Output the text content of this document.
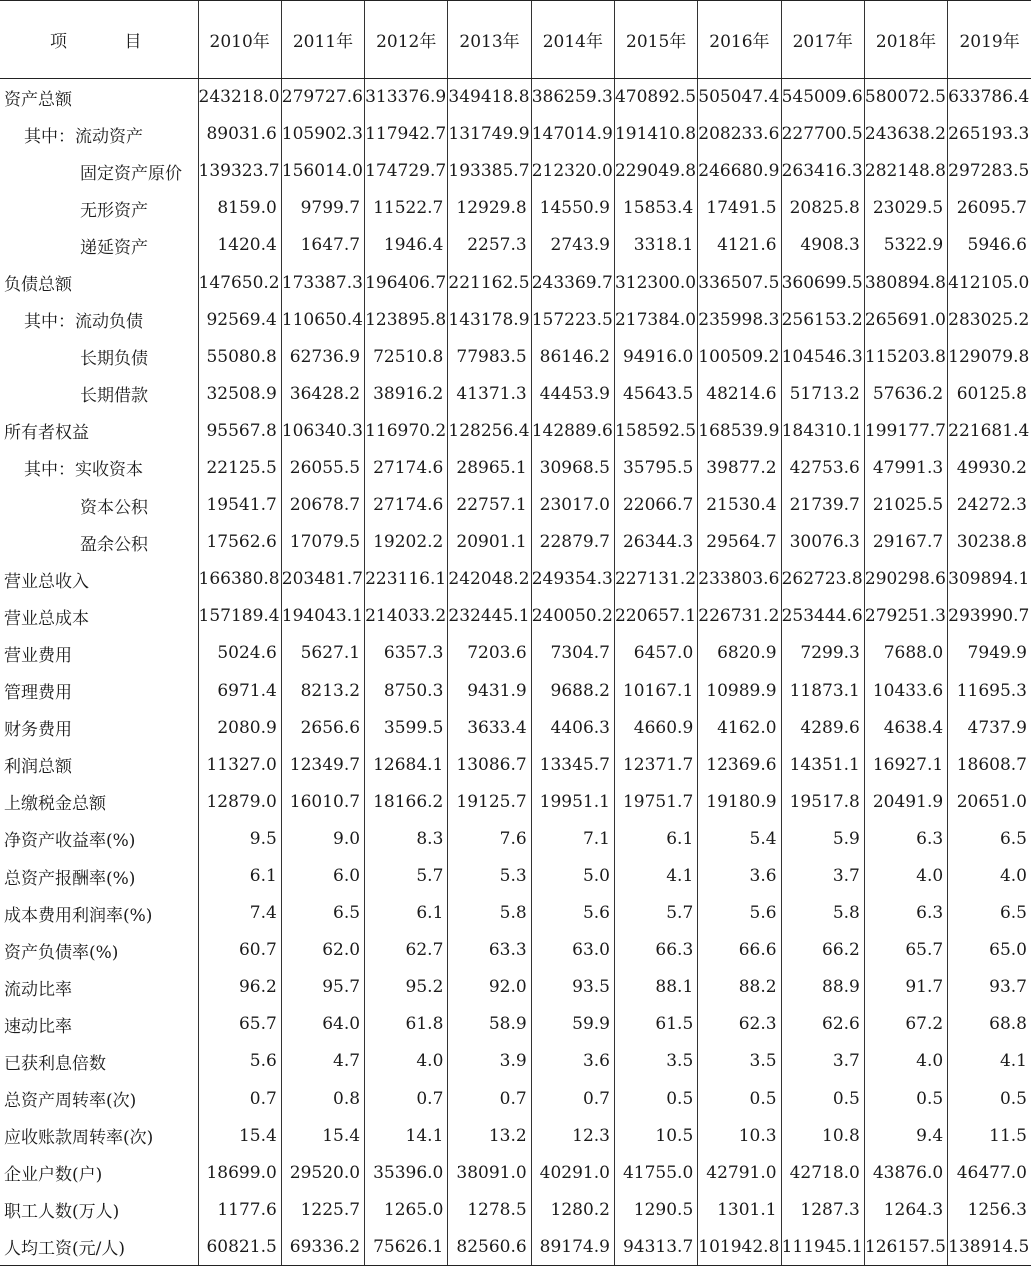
项 目	2010年	2011年	2012年	2013年	2014年	2015年	2016年	2017年	2018年	2019年
资产总额	243218.0	279727.6	313376.9	349418.8	386259.3	470892.5	505047.4	545009.6	580072.5	633786.4
其中：流动资产	89031.6	105902.3	117942.7	131749.9	147014.9	191410.8	208233.6	227700.5	243638.2	265193.3
固定资产原价	139323.7	156014.0	174729.7	193385.7	212320.0	229049.8	246680.9	263416.3	282148.8	297283.5
无形资产	8159.0	9799.7	11522.7	12929.8	14550.9	15853.4	17491.5	20825.8	23029.5	26095.7
递延资产	1420.4	1647.7	1946.4	2257.3	2743.9	3318.1	4121.6	4908.3	5322.9	5946.6
负债总额	147650.2	173387.3	196406.7	221162.5	243369.7	312300.0	336507.5	360699.5	380894.8	412105.0
其中：流动负债	92569.4	110650.4	123895.8	143178.9	157223.5	217384.0	235998.3	256153.2	265691.0	283025.2
长期负债	55080.8	62736.9	72510.8	77983.5	86146.2	94916.0	100509.2	104546.3	115203.8	129079.8
长期借款	32508.9	36428.2	38916.2	41371.3	44453.9	45643.5	48214.6	51713.2	57636.2	60125.8
所有者权益	95567.8	106340.3	116970.2	128256.4	142889.6	158592.5	168539.9	184310.1	199177.7	221681.4
其中：实收资本	22125.5	26055.5	27174.6	28965.1	30968.5	35795.5	39877.2	42753.6	47991.3	49930.2
资本公积	19541.7	20678.7	27174.6	22757.1	23017.0	22066.7	21530.4	21739.7	21025.5	24272.3
盈余公积	17562.6	17079.5	19202.2	20901.1	22879.7	26344.3	29564.7	30076.3	29167.7	30238.8
营业总收入	166380.8	203481.7	223116.1	242048.2	249354.3	227131.2	233803.6	262723.8	290298.6	309894.1
营业总成本	157189.4	194043.1	214033.2	232445.1	240050.2	220657.1	226731.2	253444.6	279251.3	293990.7
营业费用	5024.6	5627.1	6357.3	7203.6	7304.7	6457.0	6820.9	7299.3	7688.0	7949.9
管理费用	6971.4	8213.2	8750.3	9431.9	9688.2	10167.1	10989.9	11873.1	10433.6	11695.3
财务费用	2080.9	2656.6	3599.5	3633.4	4406.3	4660.9	4162.0	4289.6	4638.4	4737.9
利润总额	11327.0	12349.7	12684.1	13086.7	13345.7	12371.7	12369.6	14351.1	16927.1	18608.7
上缴税金总额	12879.0	16010.7	18166.2	19125.7	19951.1	19751.7	19180.9	19517.8	20491.9	20651.0
净资产收益率(%)	9.5	9.0	8.3	7.6	7.1	6.1	5.4	5.9	6.3	6.5
总资产报酬率(%)	6.1	6.0	5.7	5.3	5.0	4.1	3.6	3.7	4.0	4.0
成本费用利润率(%)	7.4	6.5	6.1	5.8	5.6	5.7	5.6	5.8	6.3	6.5
资产负债率(%)	60.7	62.0	62.7	63.3	63.0	66.3	66.6	66.2	65.7	65.0
流动比率	96.2	95.7	95.2	92.0	93.5	88.1	88.2	88.9	91.7	93.7
速动比率	65.7	64.0	61.8	58.9	59.9	61.5	62.3	62.6	67.2	68.8
已获利息倍数	5.6	4.7	4.0	3.9	3.6	3.5	3.5	3.7	4.0	4.1
总资产周转率(次)	0.7	0.8	0.7	0.7	0.7	0.5	0.5	0.5	0.5	0.5
应收账款周转率(次)	15.4	15.4	14.1	13.2	12.3	10.5	10.3	10.8	9.4	11.5
企业户数(户)	18699.0	29520.0	35396.0	38091.0	40291.0	41755.0	42791.0	42718.0	43876.0	46477.0
职工人数(万人)	1177.6	1225.7	1265.0	1278.5	1280.2	1290.5	1301.1	1287.3	1264.3	1256.3
人均工资(元/人)	60821.5	69336.2	75626.1	82560.6	89174.9	94313.7	101942.8	111945.1	126157.5	138914.5
